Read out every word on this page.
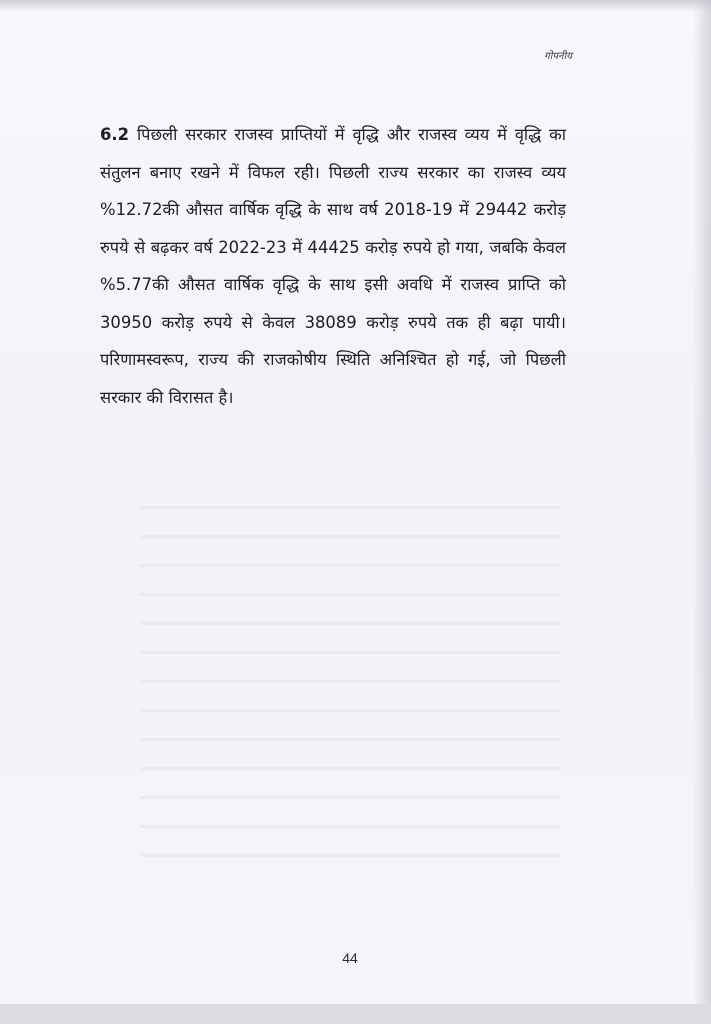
गोपनीय
6.2 पिछली सरकार राजस्व प्राप्तियों में वृद्धि और राजस्व व्यय में वृद्धि का संतुलन बनाए रखने में विफल रही। पिछली राज्य सरकार का राजस्व व्यय %12.72की औसत वार्षिक वृद्धि के साथ वर्ष 2018-19 में 29442 करोड़ रुपये से बढ़कर वर्ष 2022-23 में 44425 करोड़ रुपये हो गया, जबकि केवल %5.77की औसत वार्षिक वृद्धि के साथ इसी अवधि में राजस्व प्राप्ति को 30950 करोड़ रुपये से केवल 38089 करोड़ रुपये तक ही बढ़ा पायी। परिणामस्वरूप, राज्य की राजकोषीय स्थिति अनिश्चित हो गई, जो पिछली सरकार की विरासत है।
44
